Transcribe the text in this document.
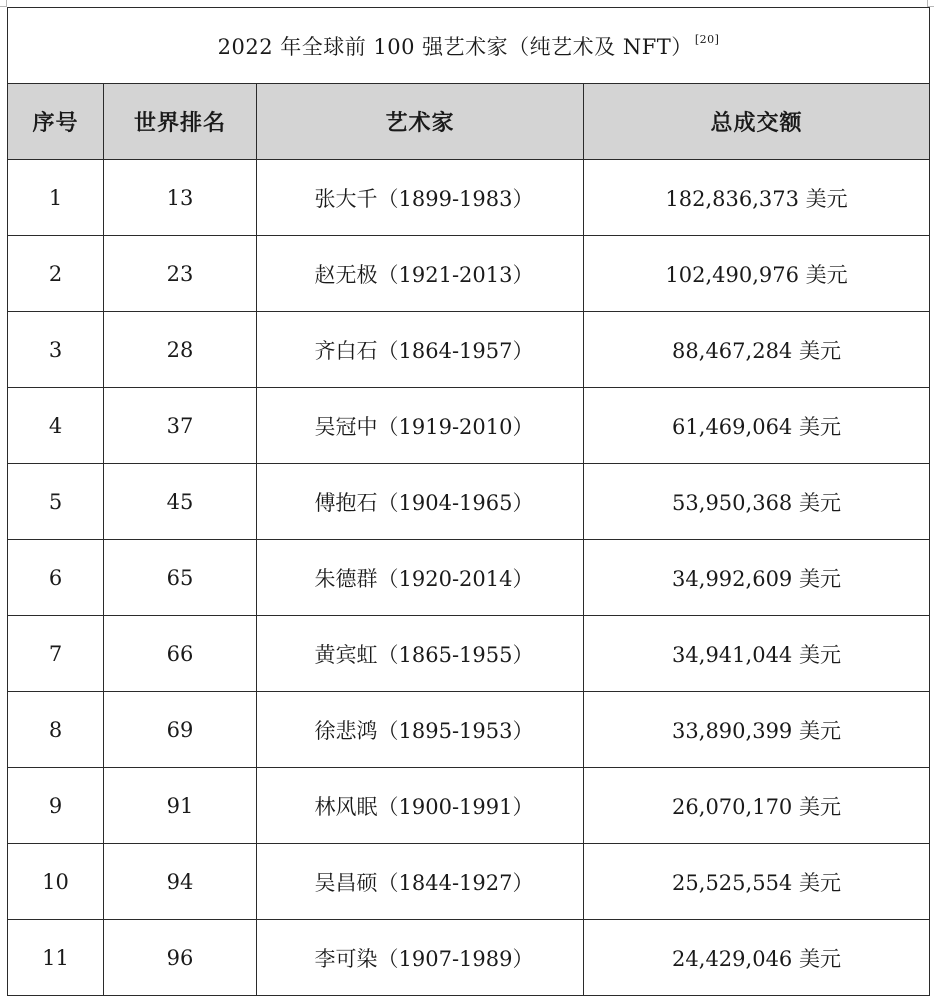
2022 年全球前 100 强艺术家（纯艺术及 NFT） [20]
序号	世界排名	艺术家	总成交额
1	13	张大千（1899-1983）	182,836,373 美元
2	23	赵无极（1921-2013）	102,490,976 美元
3	28	齐白石（1864-1957）	88,467,284 美元
4	37	吴冠中（1919-2010）	61,469,064 美元
5	45	傅抱石（1904-1965）	53,950,368 美元
6	65	朱德群（1920-2014）	34,992,609 美元
7	66	黄宾虹（1865-1955）	34,941,044 美元
8	69	徐悲鸿（1895-1953）	33,890,399 美元
9	91	林风眠（1900-1991）	26,070,170 美元
10	94	吴昌硕（1844-1927）	25,525,554 美元
11	96	李可染（1907-1989）	24,429,046 美元
